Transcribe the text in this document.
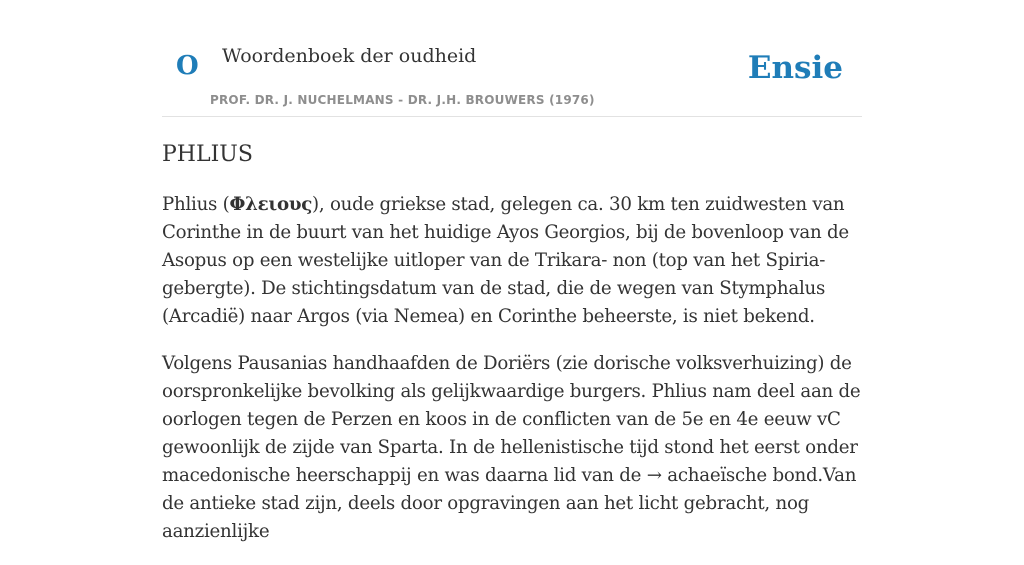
O Woordenboek der oudheid
PROF. DR. J. NUCHELMANS - DR. J.H. BROUWERS (1976)
Ensie
PHLIUS

Phlius (Φλειους), oude griekse stad, gelegen ca. 30 km ten zuidwesten van Corinthe in de buurt van het huidige Ayos Georgios, bij de bovenloop van de Asopus op een westelijke uitloper van de Trikara- non (top van het Spiria- gebergte). De stichtingsdatum van de stad, die de wegen van Stymphalus (Arcadië) naar Argos (via Nemea) en Corinthe beheerste, is niet bekend.

Volgens Pausanias handhaafden de Doriërs (zie dorische volksverhuizing) de oorspronkelijke bevolking als gelijkwaardige burgers. Phlius nam deel aan de oorlogen tegen de Perzen en koos in de conflicten van de 5e en 4e eeuw vC gewoonlijk de zijde van Sparta. In de hellenistische tijd stond het eerst onder macedonische heerschappij en was daarna lid van de → achaeïsche bond.Van de antieke stad zijn, deels door opgravingen aan het licht gebracht, nog aanzienlijke
